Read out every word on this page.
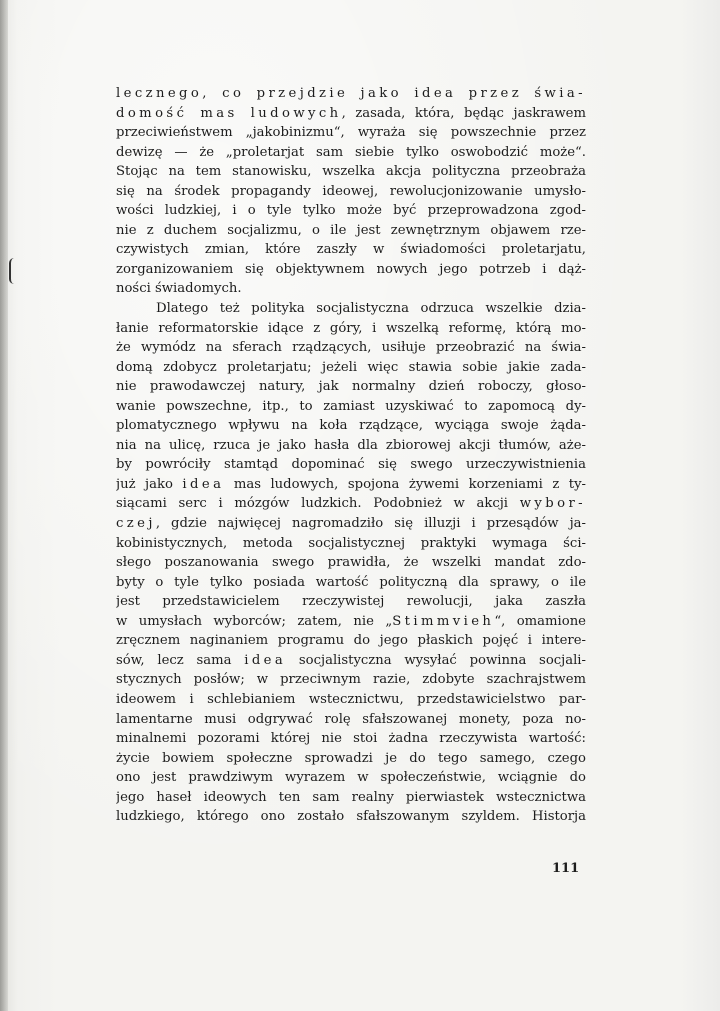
lecznego, co przejdzie jako idea przez świa-
domość mas ludowych, zasada, która, będąc jaskrawem
przeciwieństwem „jakobinizmu“, wyraża się powszechnie przez
dewizę — że „proletarjat sam siebie tylko oswobodzić może“.
Stojąc na tem stanowisku, wszelka akcja polityczna przeobraża
się na środek propagandy ideowej, rewolucjonizowanie umysło-
wości ludzkiej, i o tyle tylko może być przeprowadzona zgod-
nie z duchem socjalizmu, o ile jest zewnętrznym objawem rze-
czywistych zmian, które zaszły w świadomości proletarjatu,
zorganizowaniem się objektywnem nowych jego potrzeb i dąż-
ności świadomych.
Dlatego też polityka socjalistyczna odrzuca wszelkie dzia-
łanie reformatorskie idące z góry, i wszelką reformę, którą mo-
że wymódz na sferach rządzących, usiłuje przeobrazić na świa-
domą zdobycz proletarjatu; jeżeli więc stawia sobie jakie zada-
nie prawodawczej natury, jak normalny dzień roboczy, głoso-
wanie powszechne, itp., to zamiast uzyskiwać to zapomocą dy-
plomatycznego wpływu na koła rządzące, wyciąga swoje żąda-
nia na ulicę, rzuca je jako hasła dla zbiorowej akcji tłumów, aże-
by powróciły stamtąd dopominać się swego urzeczywistnienia
już jako idea mas ludowych, spojona żywemi korzeniami z ty-
siącami serc i mózgów ludzkich. Podobnież w akcji wybor-
czej, gdzie najwięcej nagromadziło się illuzji i przesądów ja-
kobinistycznych, metoda socjalistycznej praktyki wymaga ści-
słego poszanowania swego prawidła, że wszelki mandat zdo-
byty o tyle tylko posiada wartość polityczną dla sprawy, o ile
jest przedstawicielem rzeczywistej rewolucji, jaka zaszła
w umysłach wyborców; zatem, nie „Stimmvieh“, omamione
zręcznem naginaniem programu do jego płaskich pojęć i interе-
sów, lecz sama idea socjalistyczna wysyłać powinna socjali-
stycznych posłów; w przeciwnym razie, zdobyte szachrajstwem
ideowem i schlebianiem wstecznictwu, przedstawicielstwo par-
lamentarne musi odgrywać rolę sfałszowanej monety, poza no-
minalnemi pozorami której nie stoi żadna rzeczywista wartość:
życie bowiem społeczne sprowadzi je do tego samego, czego
ono jest prawdziwym wyrazem w społeczeństwie, wciągnie do
jego haseł ideowych ten sam realny pierwiastek wstecznictwa
ludzkiego, którego ono zostało sfałszowanym szyldem. Historja
111
